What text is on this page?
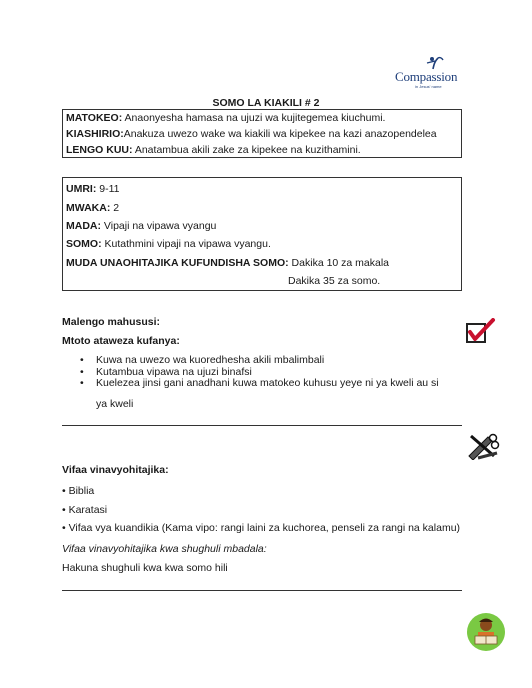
Compassion
in Jesus' name
SOMO LA KIAKILI # 2
MATOKEO: Anaonyesha hamasa na ujuzi wa kujitegemea kiuchumi.
KIASHIRIO:Anakuza uwezo wake wa kiakili wa kipekee na kazi anazopendelea
LENGO KUU: Anatambua akili zake za kipekee na kuzithamini.
UMRI: 9-11
MWAKA: 2
MADA: Vipaji na vipawa vyangu
SOMO: Kutathmini vipaji na vipawa vyangu.
MUDA UNAOHITAJIKA KUFUNDISHA SOMO: Dakika 10 za makala
Dakika 35 za somo.
Malengo mahususi:
Mtoto ataweza kufanya:
• Kuwa na uwezo wa kuoredhesha akili mbalimbali
• Kutambua vipawa na ujuzi binafsi
• Kuelezea jinsi gani anadhani kuwa matokeo kuhusu yeye ni ya kweli au si
ya kweli
Vifaa vinavyohitajika:
• Biblia
• Karatasi
• Vifaa vya kuandikia (Kama vipo: rangi laini za kuchorea, penseli za rangi na kalamu)
Vifaa vinavyohitajika kwa shughuli mbadala:
Hakuna shughuli kwa kwa somo hili
